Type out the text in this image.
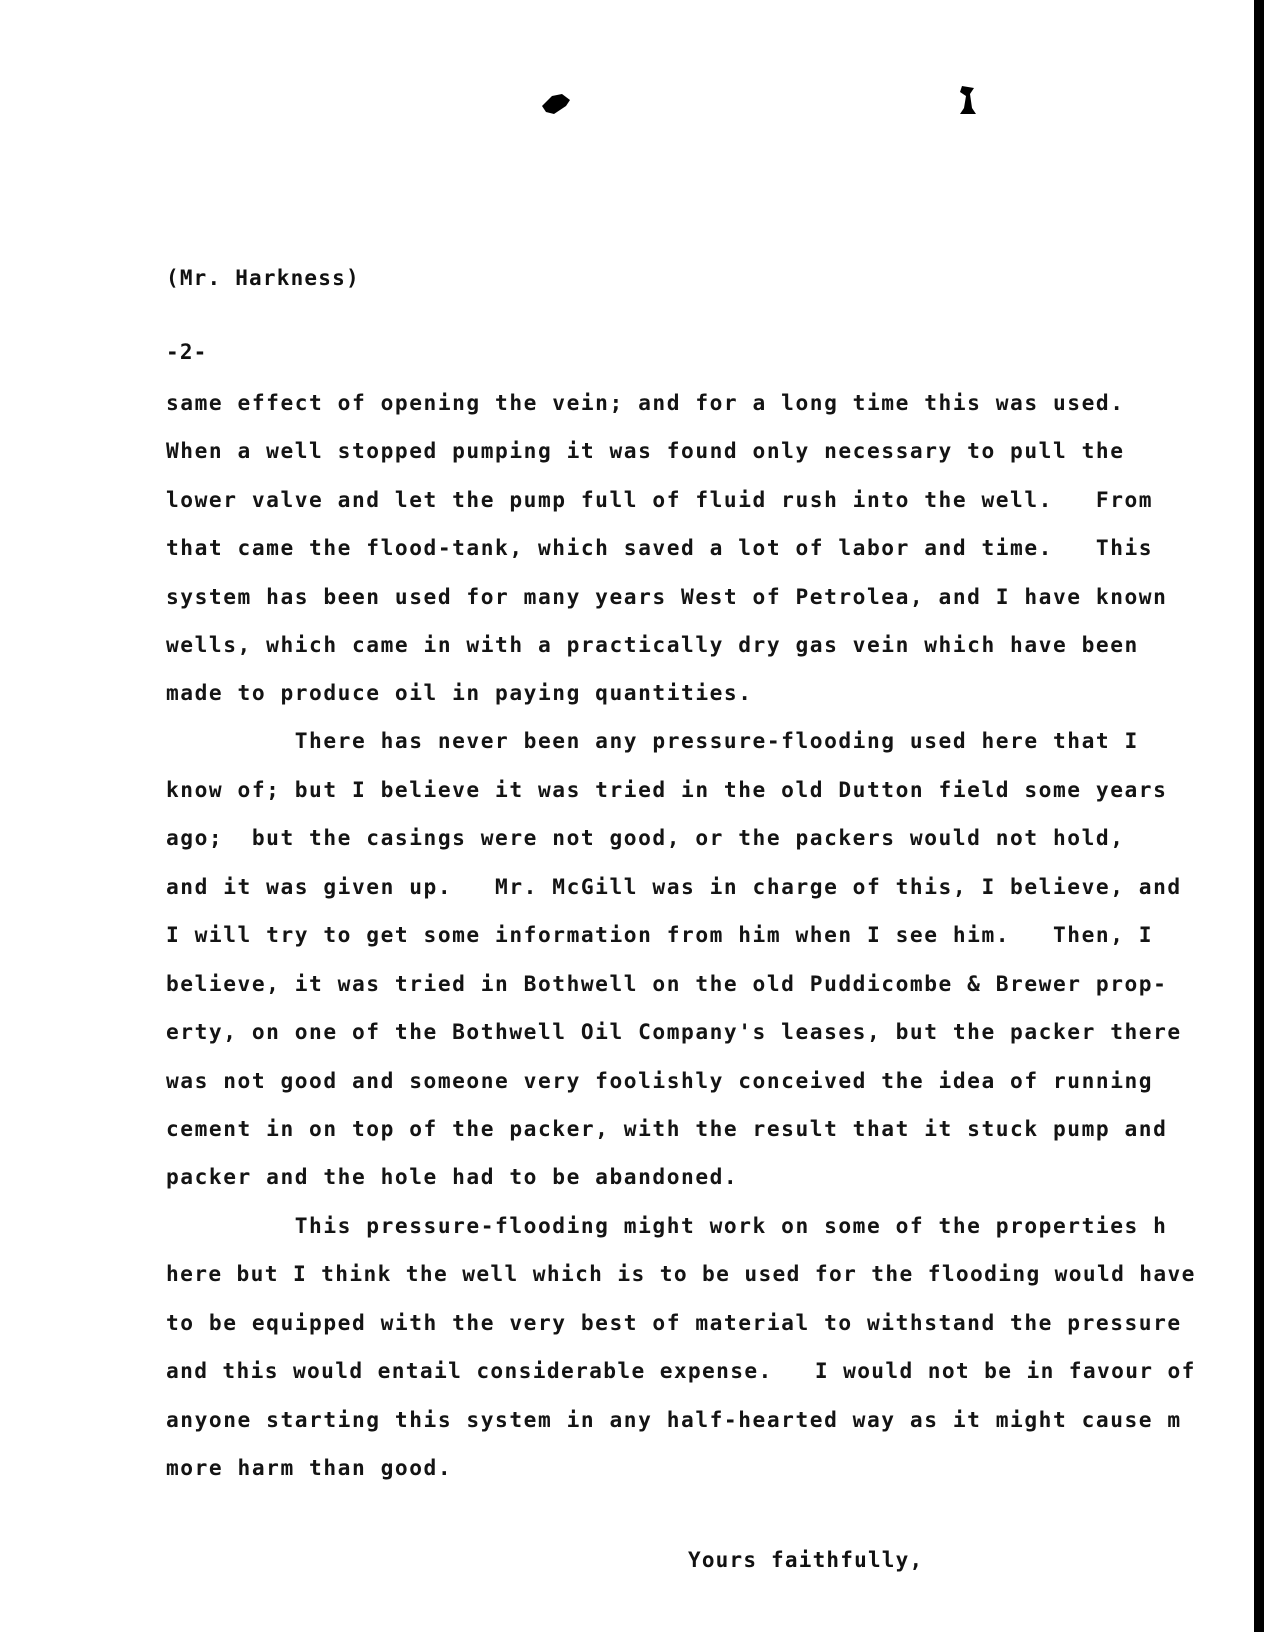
(Mr. Harkness)
-2-
same effect of opening the vein; and for a long time this was used.
When a well stopped pumping it was found only necessary to pull the
lower valve and let the pump full of fluid rush into the well.   From
that came the flood-tank, which saved a lot of labor and time.   This
system has been used for many years West of Petrolea, and I have known
wells, which came in with a practically dry gas vein which have been
made to produce oil in paying quantities.
There has never been any pressure-flooding used here that I
know of; but I believe it was tried in the old Dutton field some years
ago;  but the casings were not good, or the packers would not hold,
and it was given up.   Mr. McGill was in charge of this, I believe, and
I will try to get some information from him when I see him.   Then, I
believe, it was tried in Bothwell on the old Puddicombe & Brewer prop-
erty, on one of the Bothwell Oil Company's leases, but the packer there
was not good and someone very foolishly conceived the idea of running
cement in on top of the packer, with the result that it stuck pump and
packer and the hole had to be abandoned.
This pressure-flooding might work on some of the properties h
here but I think the well which is to be used for the flooding would have
to be equipped with the very best of material to withstand the pressure
and this would entail considerable expense.   I would not be in favour of
anyone starting this system in any half-hearted way as it might cause m
more harm than good.
Yours faithfully,
